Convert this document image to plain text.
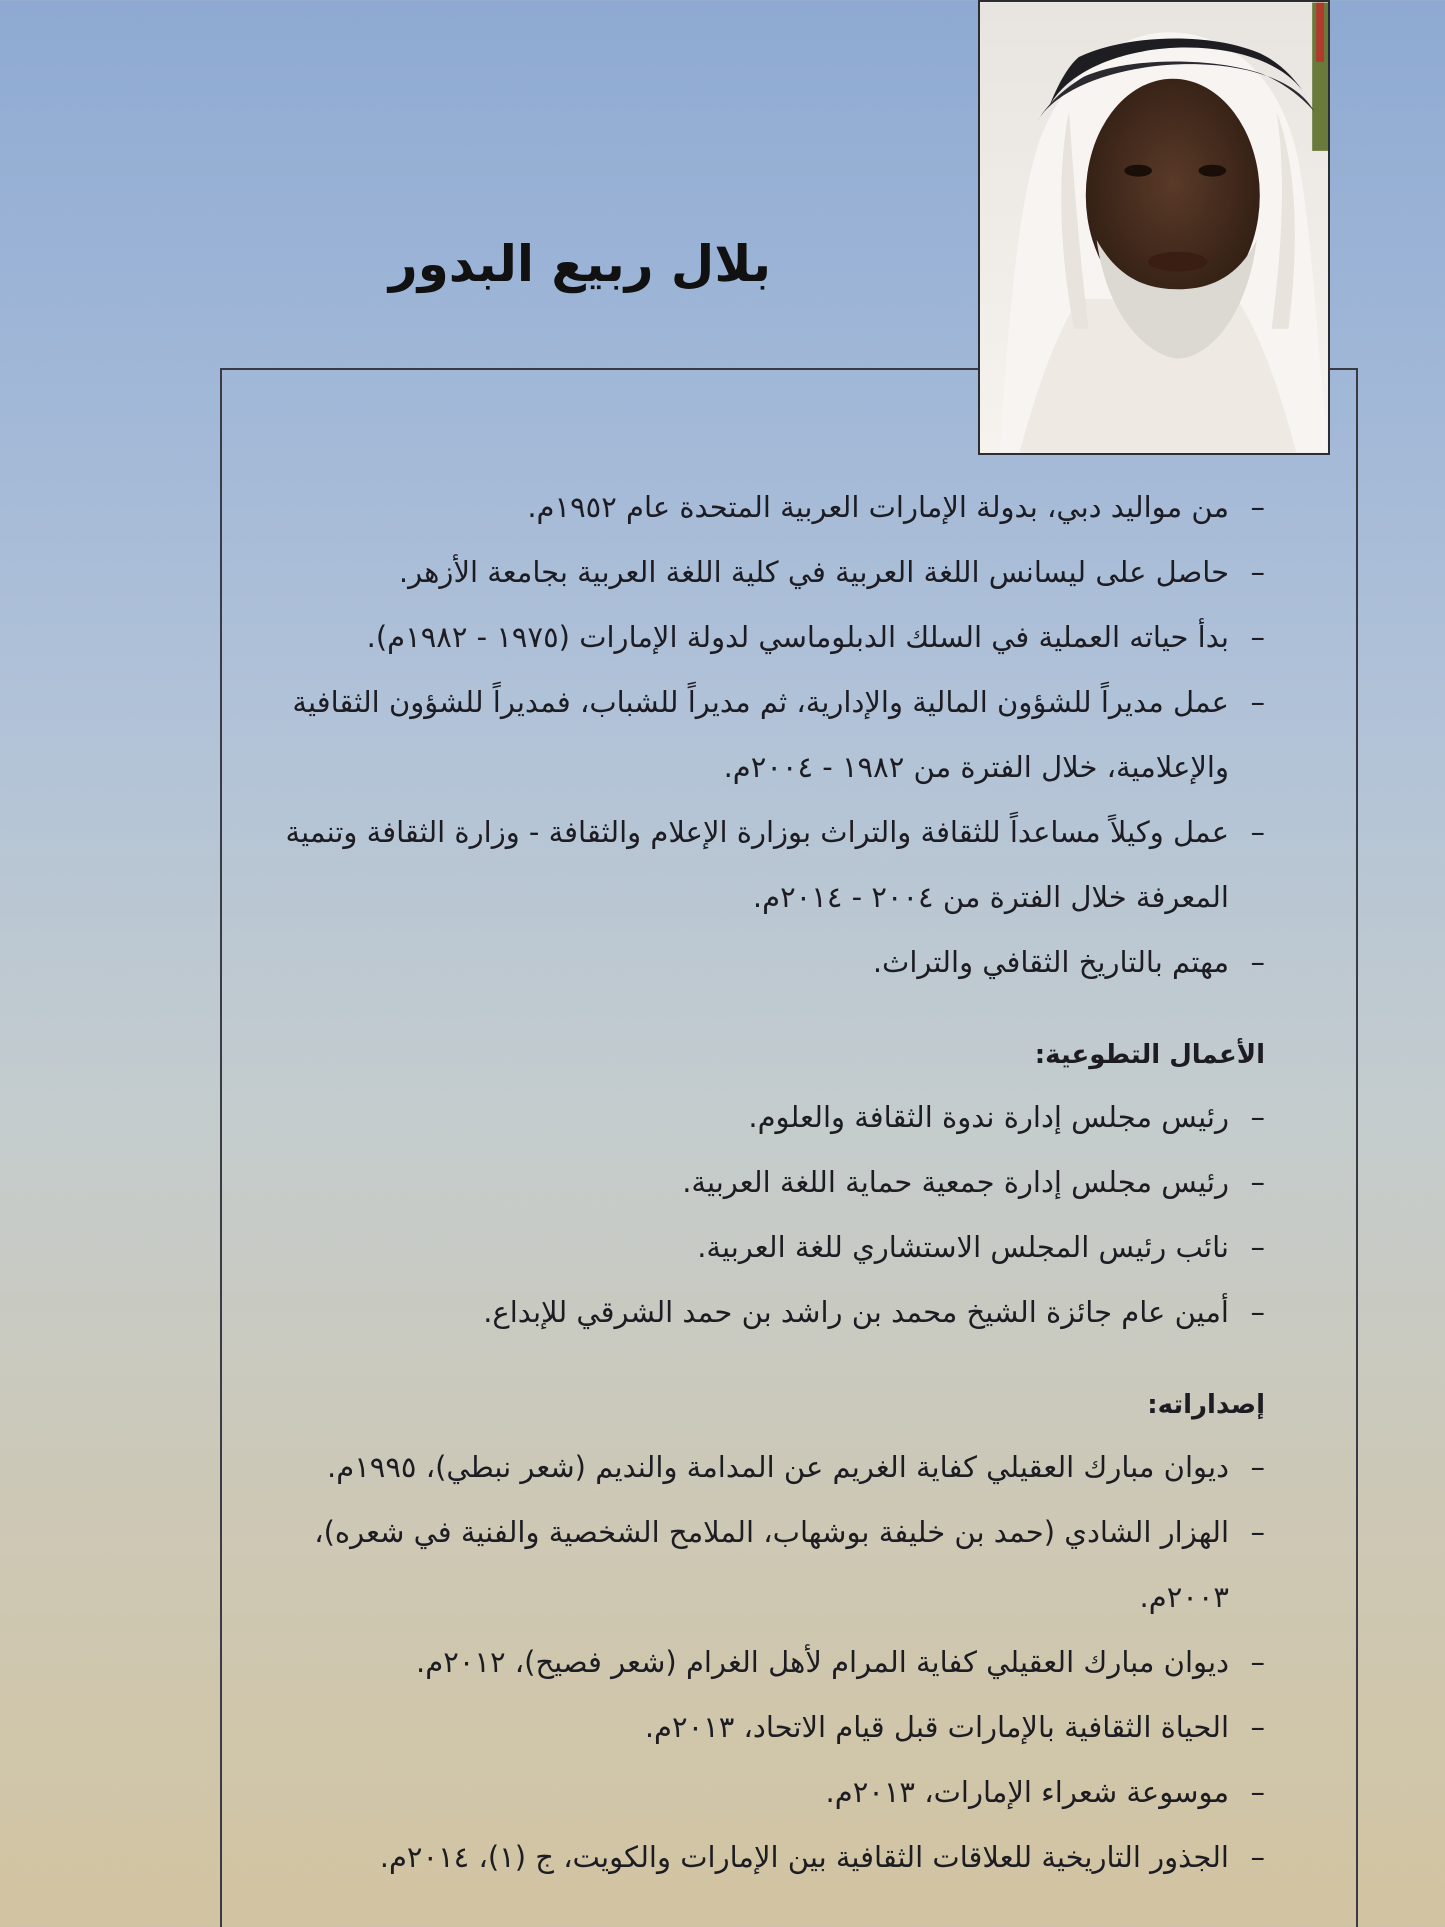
بلال ربيع البدور

–
من مواليد دبي، بدولة الإمارات العربية المتحدة عام ١٩٥٢م.

–
حاصل على ليسانس اللغة العربية في كلية اللغة العربية بجامعة الأزهر.

–
بدأ حياته العملية في السلك الدبلوماسي لدولة الإمارات (١٩٧٥ - ١٩٨٢م).

–
عمل مديراً للشؤون المالية والإدارية، ثم مديراً للشباب، فمديراً للشؤون الثقافية والإعلامية، خلال الفترة من ١٩٨٢ - ٢٠٠٤م.

–
عمل وكيلاً مساعداً للثقافة والتراث بوزارة الإعلام والثقافة - وزارة الثقافة وتنمية المعرفة خلال الفترة من ٢٠٠٤ - ٢٠١٤م.

–
مهتم بالتاريخ الثقافي والتراث.

الأعمال التطوعية:

–
رئيس مجلس إدارة ندوة الثقافة والعلوم.

–
رئيس مجلس إدارة جمعية حماية اللغة العربية.

–
نائب رئيس المجلس الاستشاري للغة العربية.

–
أمين عام جائزة الشيخ محمد بن راشد بن حمد الشرقي للإبداع.

إصداراته:

–
ديوان مبارك العقيلي كفاية الغريم عن المدامة والنديم (شعر نبطي)، ١٩٩٥م.

–
الهزار الشادي (حمد بن خليفة بوشهاب، الملامح الشخصية والفنية في شعره)، ٢٠٠٣م.

–
ديوان مبارك العقيلي كفاية المرام لأهل الغرام (شعر فصيح)، ٢٠١٢م.

–
الحياة الثقافية بالإمارات قبل قيام الاتحاد، ٢٠١٣م.

–
موسوعة شعراء الإمارات، ٢٠١٣م.

–
الجذور التاريخية للعلاقات الثقافية بين الإمارات والكويت، ج (١)، ٢٠١٤م.
